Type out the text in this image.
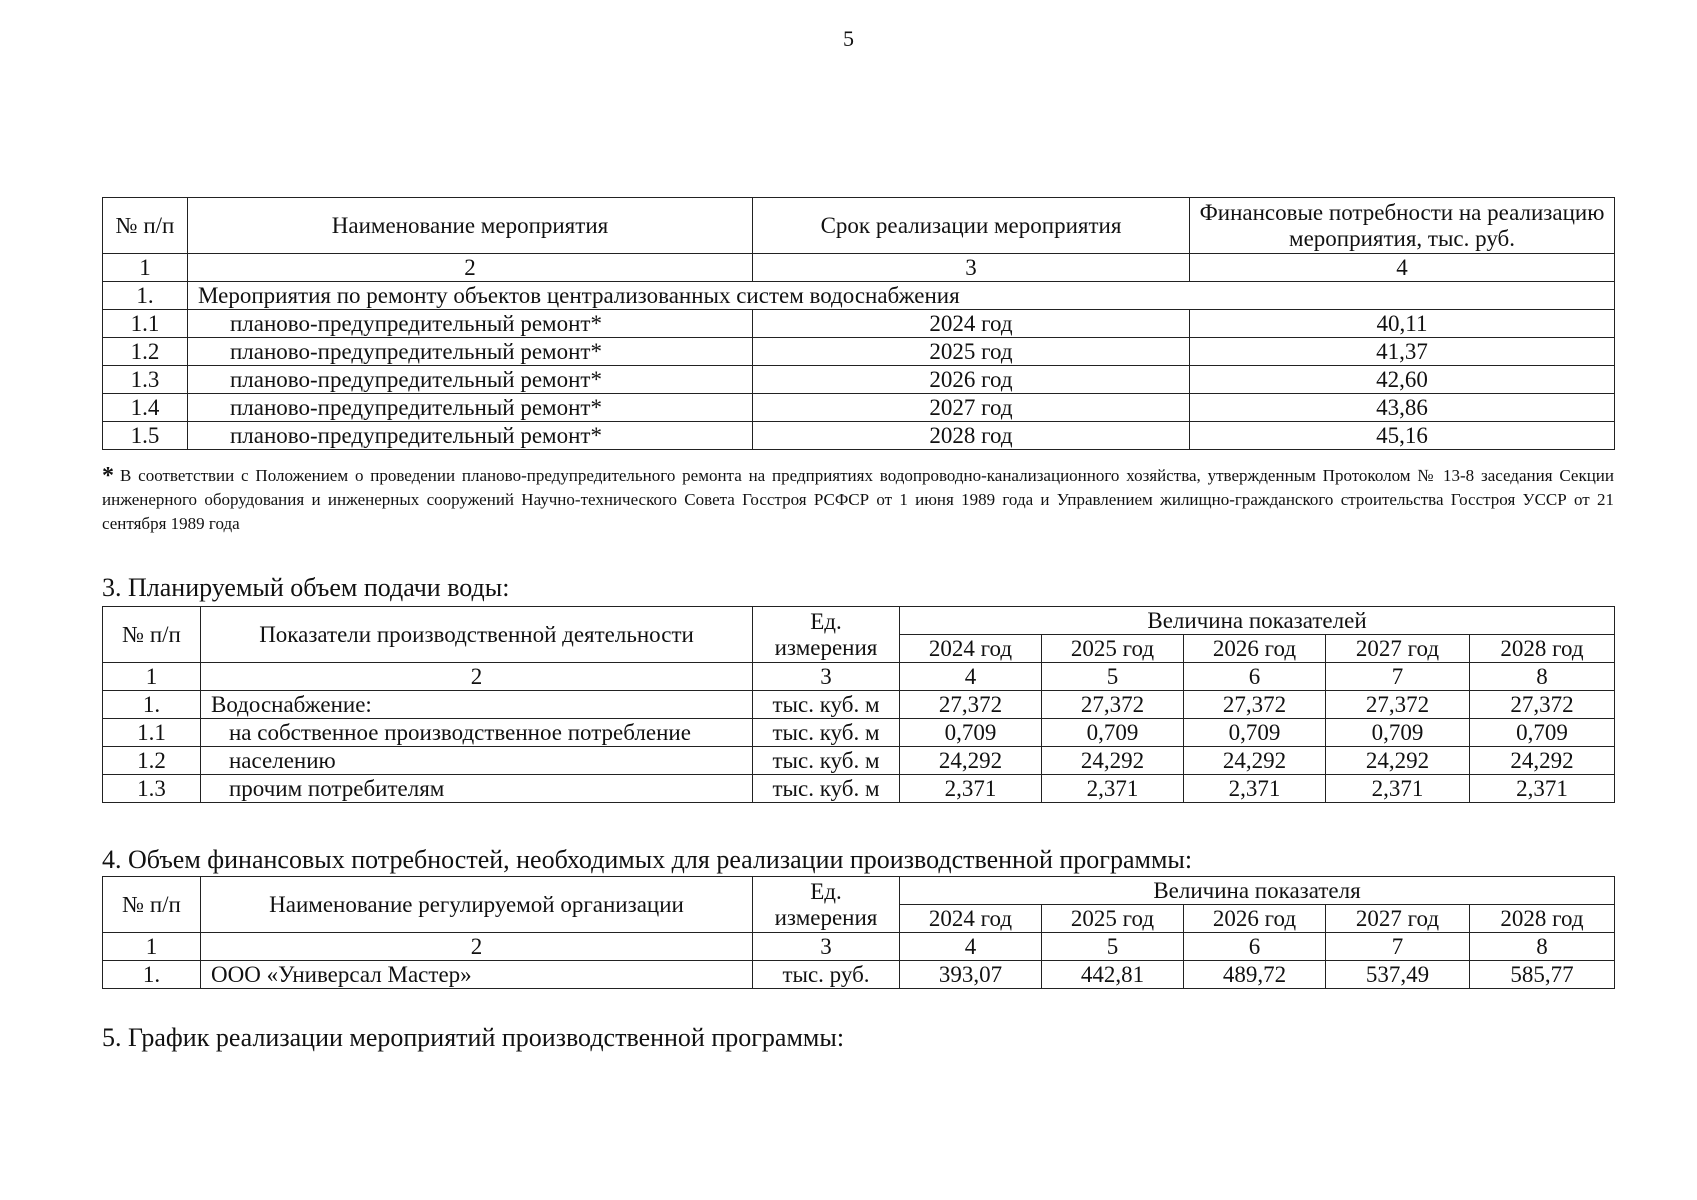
5
№ п/п	Наименование мероприятия	Срок реализации мероприятия	Финансовые потребности на реализацию мероприятия, тыс. руб.
1	2	3	4
1.	Мероприятия по ремонту объектов централизованных систем водоснабжения		
1.1	планово-предупредительный ремонт*	2024 год	40,11
1.2	планово-предупредительный ремонт*	2025 год	41,37
1.3	планово-предупредительный ремонт*	2026 год	42,60
1.4	планово-предупредительный ремонт*	2027 год	43,86
1.5	планово-предупредительный ремонт*	2028 год	45,16
* В соответствии с Положением о проведении планово-предупредительного ремонта на предприятиях водопроводно-канализационного хозяйства, утвержденным Протоколом № 13-8 заседания Секции инженерного оборудования и инженерных сооружений Научно-технического Совета Госстроя РСФСР от 1 июня 1989 года и Управлением жилищно-гражданского строительства Госстроя УССР от 21 сентября 1989 года
3. Планируемый объем подачи воды:
№ п/п	Показатели производственной деятельности	Ед. измерения	Величина показателей				
			2024 год	2025 год	2026 год	2027 год	2028 год
1	2	3	4	5	6	7	8
1.	Водоснабжение:	тыс. куб. м	27,372	27,372	27,372	27,372	27,372
1.1	на собственное производственное потребление	тыс. куб. м	0,709	0,709	0,709	0,709	0,709
1.2	населению	тыс. куб. м	24,292	24,292	24,292	24,292	24,292
1.3	прочим потребителям	тыс. куб. м	2,371	2,371	2,371	2,371	2,371
4. Объем финансовых потребностей, необходимых для реализации производственной программы:
№ п/п	Наименование регулируемой организации	Ед. измерения	Величина показателя				
			2024 год	2025 год	2026 год	2027 год	2028 год
1	2	3	4	5	6	7	8
1.	ООО «Универсал Мастер»	тыс. руб.	393,07	442,81	489,72	537,49	585,77
5. График реализации мероприятий производственной программы:
